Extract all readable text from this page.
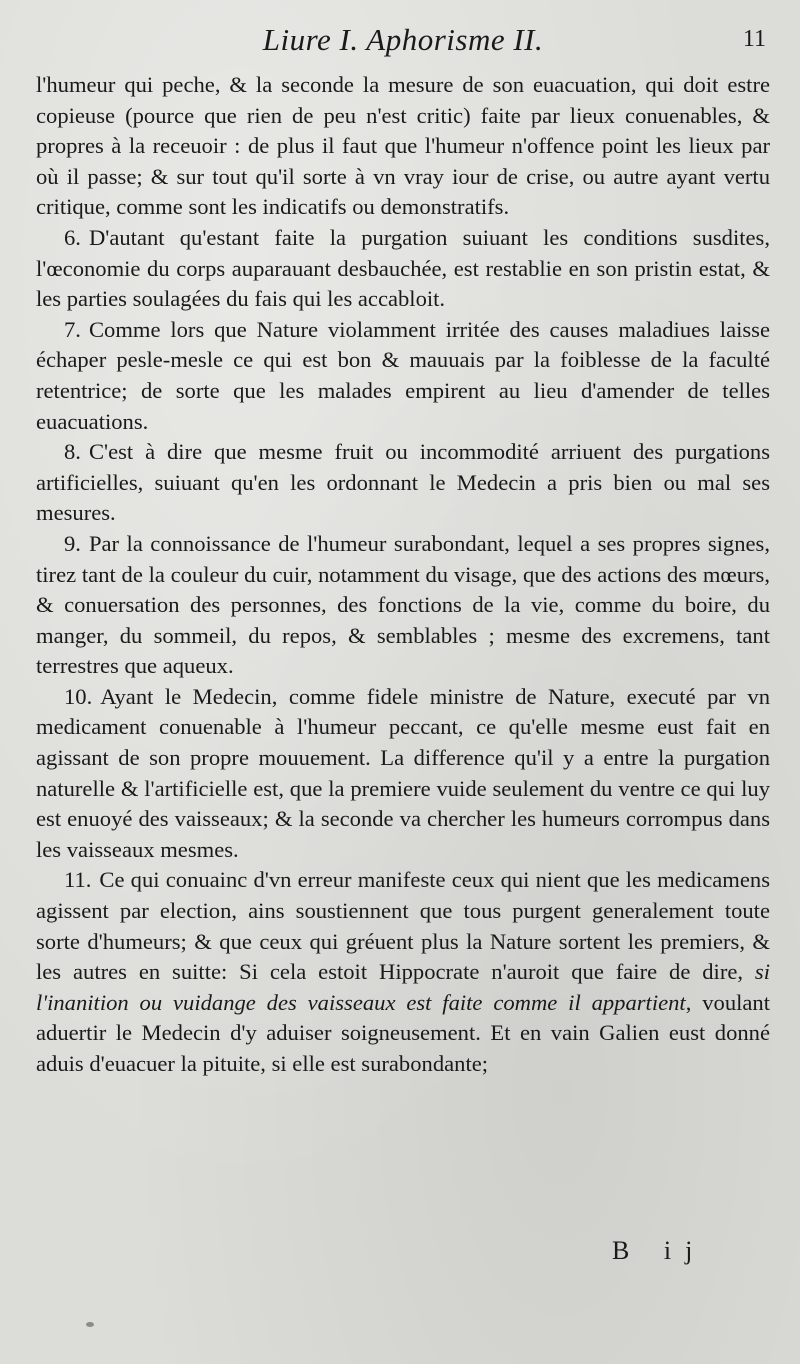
Liure I. Aphorisme II.	11

l'humeur qui peche, & la seconde la mesure de son euacuation, qui doit estre copieuse (pource que rien de peu n'est critic) faite par lieux conuenables, & propres à la receuoir : de plus il faut que l'humeur n'offence point les lieux par où il passe; & sur tout qu'il sorte à vn vray iour de crise, ou autre ayant vertu critique, comme sont les indicatifs ou demonstratifs.

6. D'autant qu'estant faite la purgation suiuant les conditions susdites, l'œconomie du corps auparauant desbauchée, est restablie en son pristin estat, & les parties soulagées du fais qui les accabloit.

7. Comme lors que Nature violamment irritée des causes maladiues laisse échaper pesle-mesle ce qui est bon & mauuais par la foiblesse de la faculté retentrice; de sorte que les malades empirent au lieu d'amender de telles euacuations.

8. C'est à dire que mesme fruit ou incommodité arriuent des purgations artificielles, suiuant qu'en les ordonnant le Medecin a pris bien ou mal ses mesures.

9. Par la connoissance de l'humeur surabondant, lequel a ses propres signes, tirez tant de la couleur du cuir, notamment du visage, que des actions des mœurs, & conuersation des personnes, des fonctions de la vie, comme du boire, du manger, du sommeil, du repos, & semblables ; mesme des excremens, tant terrestres que aqueux.

10. Ayant le Medecin, comme fidele ministre de Nature, executé par vn medicament conuenable à l'humeur peccant, ce qu'elle mesme eust fait en agissant de son propre mouuement. La difference qu'il y a entre la purgation naturelle & l'artificielle est, que la premiere vuide seulement du ventre ce qui luy est enuoyé des vaisseaux; & la seconde va chercher les humeurs corrompus dans les vaisseaux mesmes.

11. Ce qui conuainc d'vn erreur manifeste ceux qui nient que les medicamens agissent par election, ains soustiennent que tous purgent generalement toute sorte d'humeurs; & que ceux qui gréuent plus la Nature sortent les premiers, & les autres en suitte: Si cela estoit Hippocrate n'auroit que faire de dire, si l'inanition ou vuidange des vaisseaux est faite comme il appartient, voulant aduertir le Medecin d'y aduiser soigneusement. Et en vain Galien eust donné aduis d'euacuer la pituite, si elle est surabondante;

B ij
